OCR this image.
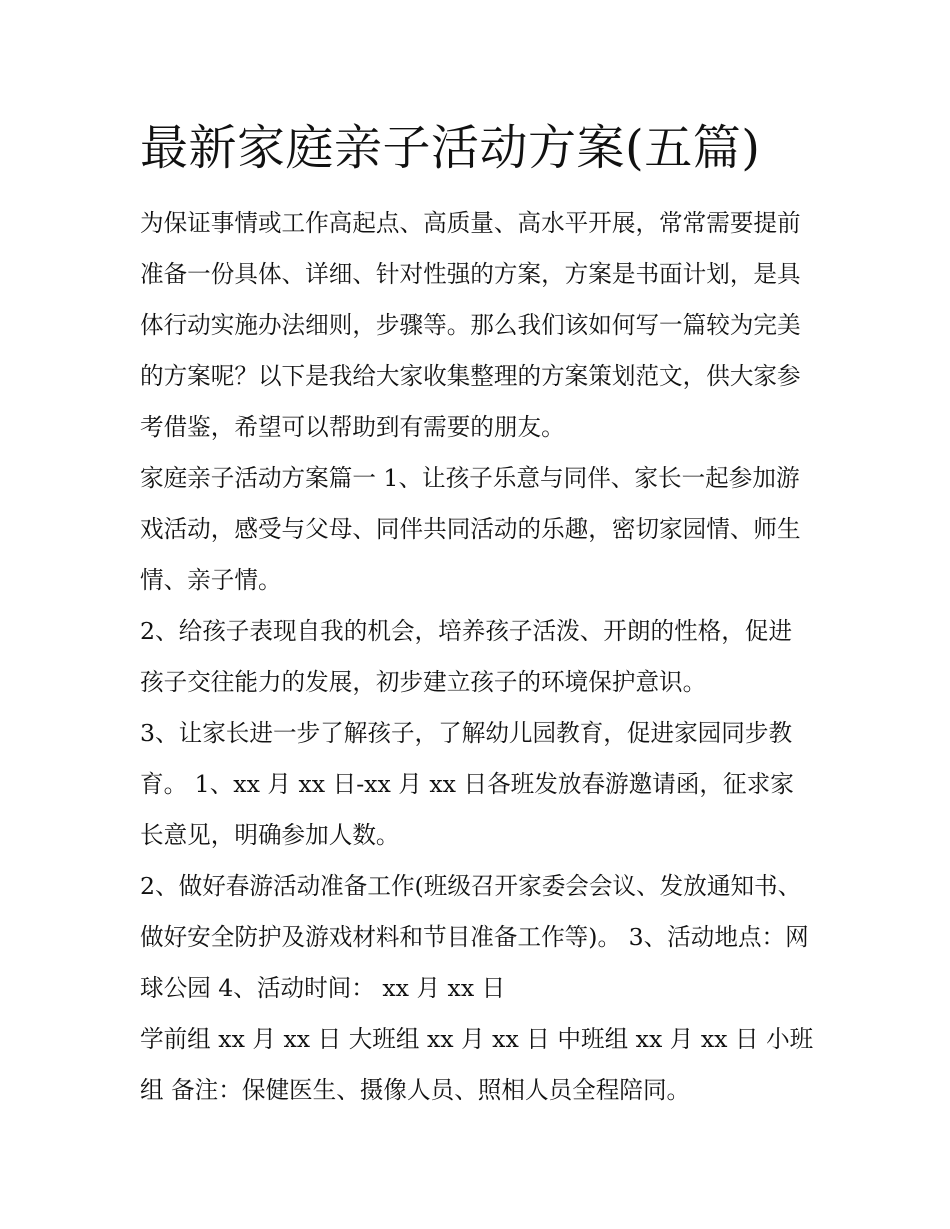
最新家庭亲子活动方案(五篇)

为保证事情或工作高起点、高质量、高水平开展，常常需要提前准备一份具体、详细、针对性强的方案，方案是书面计划，是具体行动实施办法细则，步骤等。那么我们该如何写一篇较为完美的方案呢？以下是我给大家收集整理的方案策划范文，供大家参考借鉴，希望可以帮助到有需要的朋友。

家庭亲子活动方案篇一 1、让孩子乐意与同伴、家长一起参加游戏活动，感受与父母、同伴共同活动的乐趣，密切家园情、师生情、亲子情。

2、给孩子表现自我的机会，培养孩子活泼、开朗的性格，促进孩子交往能力的发展，初步建立孩子的环境保护意识。

3、让家长进一步了解孩子，了解幼儿园教育，促进家园同步教育。 1、xx 月 xx 日-xx 月 xx 日各班发放春游邀请函，征求家长意见，明确参加人数。

2、做好春游活动准备工作(班级召开家委会会议、发放通知书、做好安全防护及游戏材料和节目准备工作等)。 3、活动地点：网球公园 4、活动时间： xx 月 xx 日

学前组 xx 月 xx 日 大班组 xx 月 xx 日 中班组 xx 月 xx 日 小班组 备注：保健医生、摄像人员、照相人员全程陪同。
